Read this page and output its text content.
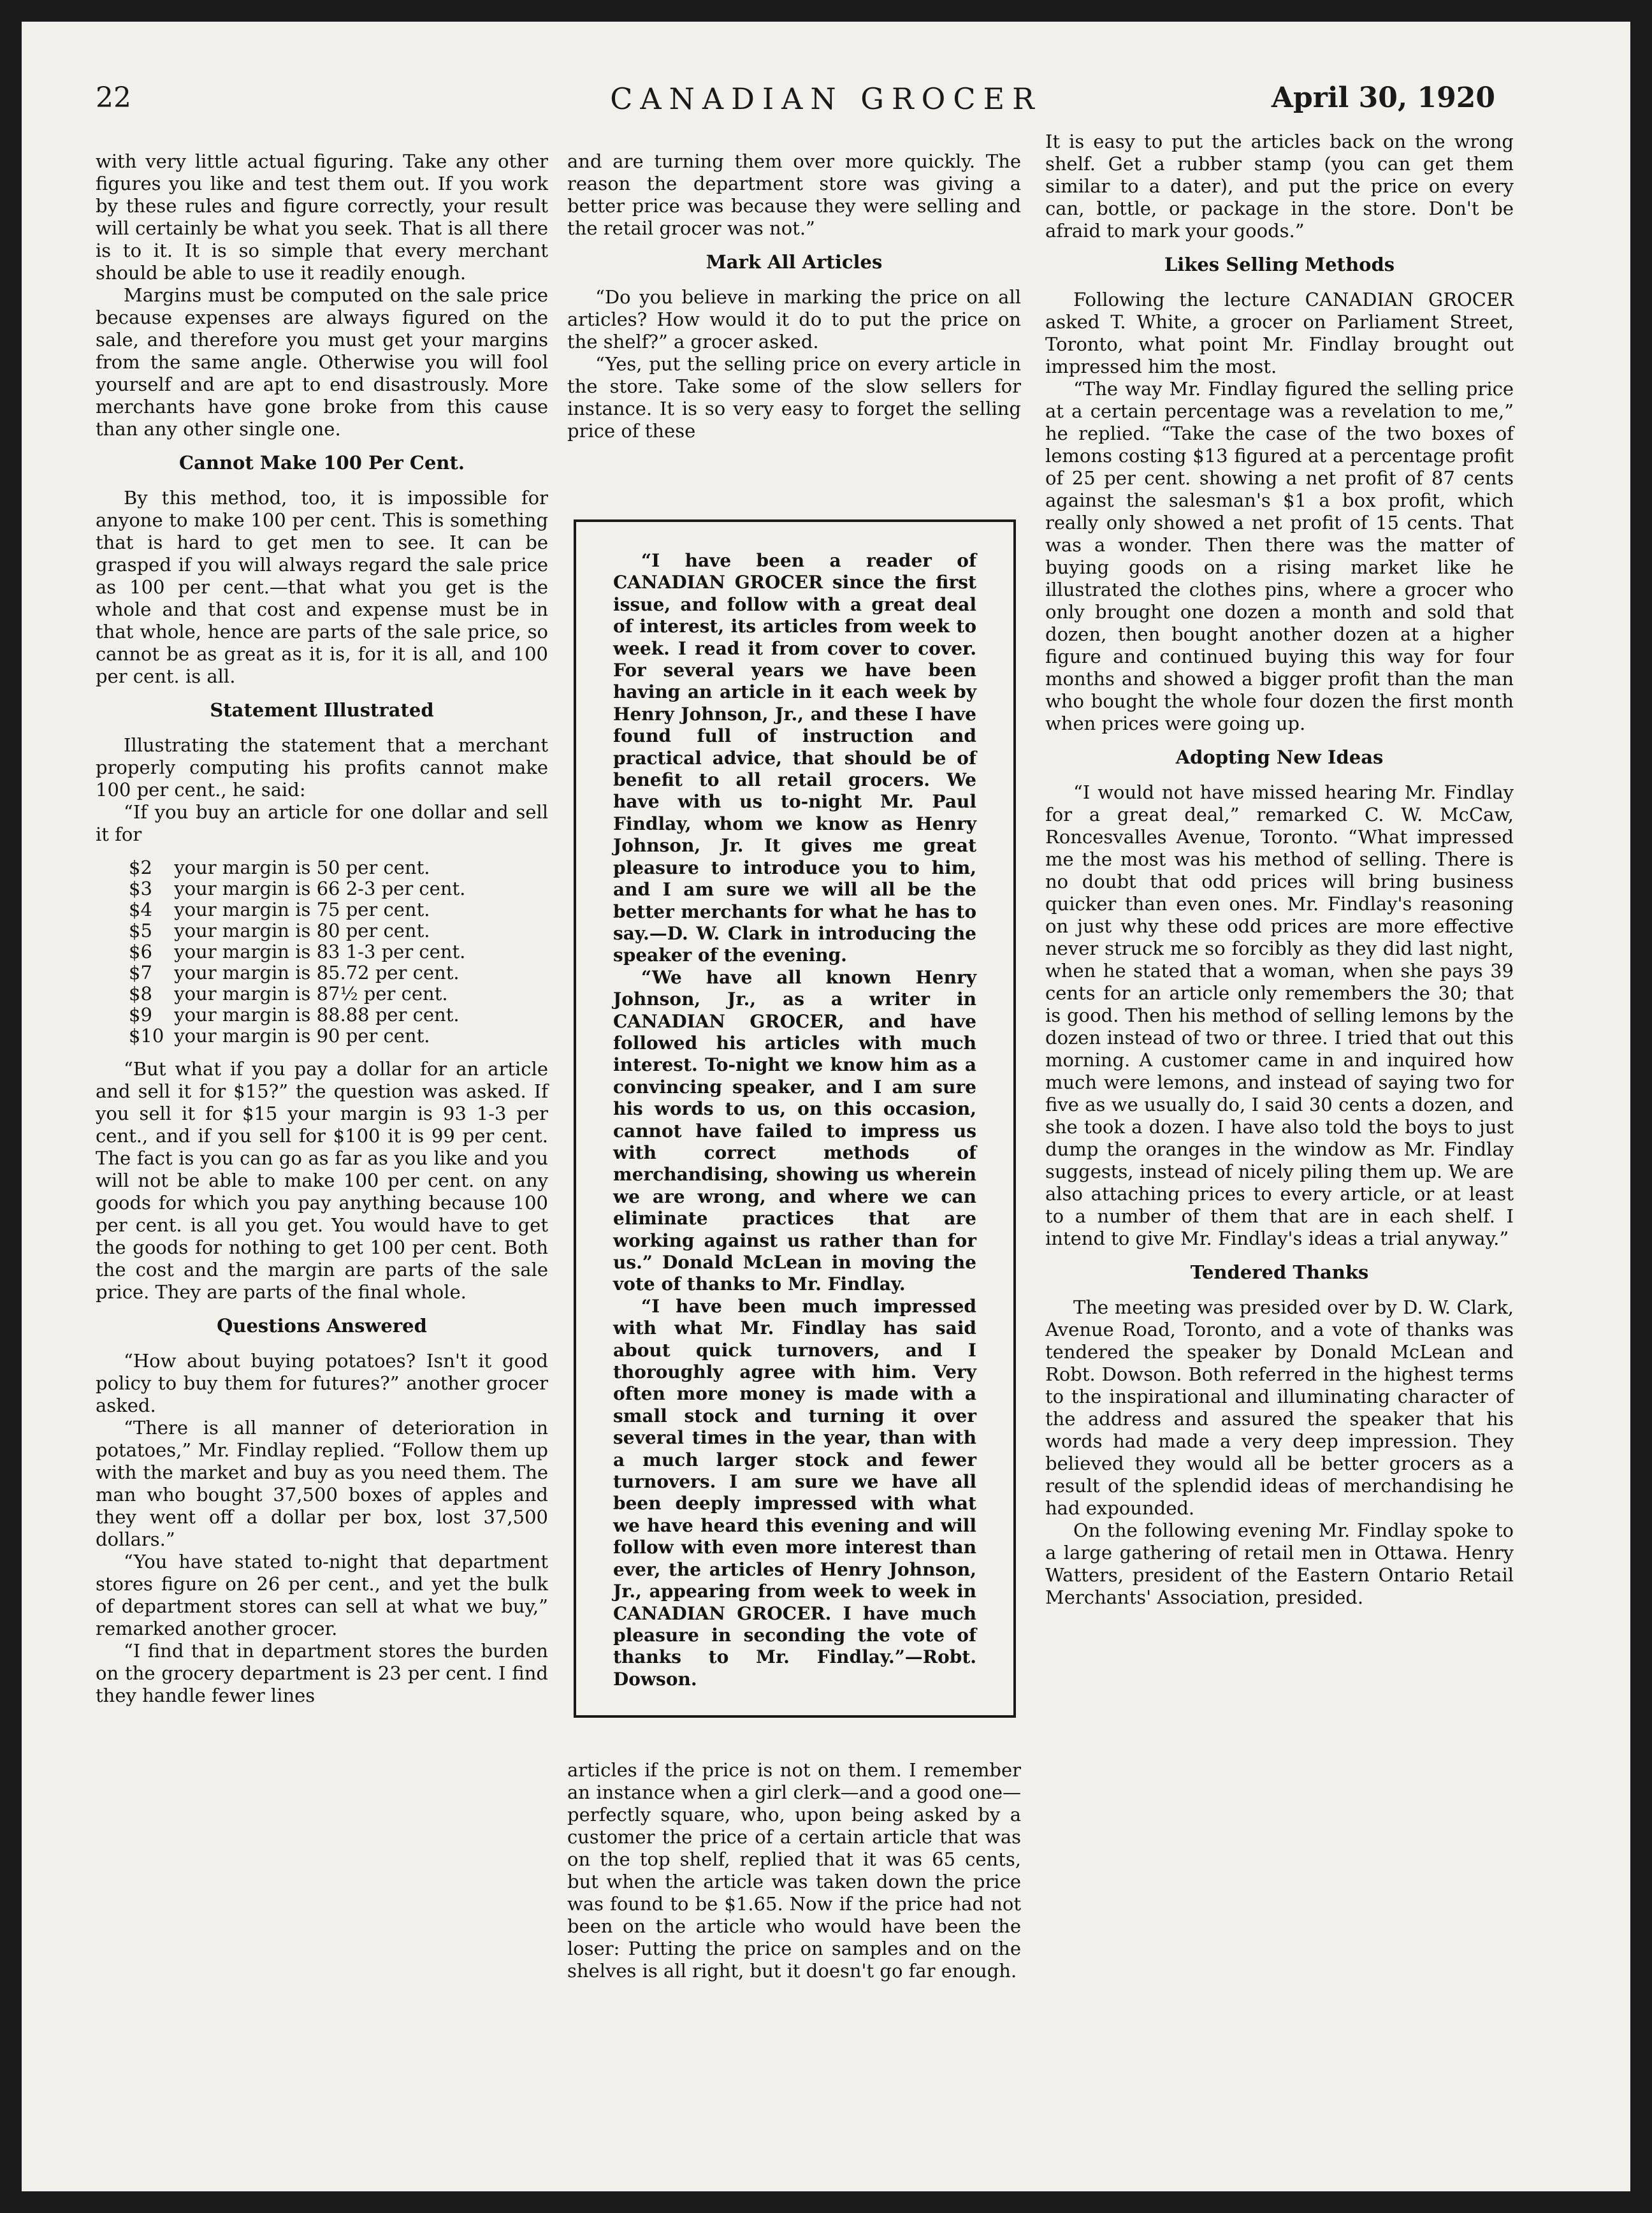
22	CANADIAN GROCER	April 30, 1920

with very little actual figuring. Take any other figures you like and test them out. If you work by these rules and figure correctly, your result will certainly be what you seek. That is all there is to it. It is so simple that every merchant should be able to use it readily enough.

Margins must be computed on the sale price because expenses are always figured on the sale, and therefore you must get your margins from the same angle. Otherwise you will fool yourself and are apt to end disastrously. More merchants have gone broke from this cause than any other single one.

Cannot Make 100 Per Cent.

By this method, too, it is impossible for anyone to make 100 per cent. This is something that is hard to get men to see. It can be grasped if you will always regard the sale price as 100 per cent.—that what you get is the whole and that cost and expense must be in that whole, hence are parts of the sale price, so cannot be as great as it is, for it is all, and 100 per cent. is all.

Statement Illustrated

Illustrating the statement that a merchant properly computing his profits cannot make 100 per cent., he said:

“If you buy an article for one dollar and sell it for

$2 your margin is 50 per cent.
$3 your margin is 66 2-3 per cent.
$4 your margin is 75 per cent.
$5 your margin is 80 per cent.
$6 your margin is 83 1-3 per cent.
$7 your margin is 85.72 per cent.
$8 your margin is 87½ per cent.
$9 your margin is 88.88 per cent.
$10 your margin is 90 per cent.

“But what if you pay a dollar for an article and sell it for $15?” the question was asked. If you sell it for $15 your margin is 93 1-3 per cent., and if you sell for $100 it is 99 per cent. The fact is you can go as far as you like and you will not be able to make 100 per cent. on any goods for which you pay anything because 100 per cent. is all you get. You would have to get the goods for nothing to get 100 per cent. Both the cost and the margin are parts of the sale price. They are parts of the final whole.

Questions Answered

“How about buying potatoes? Isn't it good policy to buy them for futures?” another grocer asked.

“There is all manner of deterioration in potatoes,” Mr. Findlay replied. “Follow them up with the market and buy as you need them. The man who bought 37,500 boxes of apples and they went off a dollar per box, lost 37,500 dollars.”

“You have stated to-night that department stores figure on 26 per cent., and yet the bulk of department stores can sell at what we buy,” remarked another grocer.

“I find that in department stores the burden on the grocery department is 23 per cent. I find they handle fewer lines

and are turning them over more quickly. The reason the department store was giving a better price was because they were selling and the retail grocer was not.”

Mark All Articles

“Do you believe in marking the price on all articles? How would it do to put the price on the shelf?” a grocer asked.

“Yes, put the selling price on every article in the store. Take some of the slow sellers for instance. It is so very easy to forget the selling price of these

“I have been a reader of CANADIAN GROCER since the first issue, and follow with a great deal of interest, its articles from week to week. I read it from cover to cover. For several years we have been having an article in it each week by Henry Johnson, Jr., and these I have found full of instruction and practical advice, that should be of benefit to all retail grocers. We have with us to-night Mr. Paul Findlay, whom we know as Henry Johnson, Jr. It gives me great pleasure to introduce you to him, and I am sure we will all be the better merchants for what he has to say.—D. W. Clark in introducing the speaker of the evening.

“We have all known Henry Johnson, Jr., as a writer in CANADIAN GROCER, and have followed his articles with much interest. To-night we know him as a convincing speaker, and I am sure his words to us, on this occasion, cannot have failed to impress us with correct methods of merchandising, showing us wherein we are wrong, and where we can eliminate practices that are working against us rather than for us.” Donald McLean in moving the vote of thanks to Mr. Findlay.

“I have been much impressed with what Mr. Findlay has said about quick turnovers, and I thoroughly agree with him. Very often more money is made with a small stock and turning it over several times in the year, than with a much larger stock and fewer turnovers. I am sure we have all been deeply impressed with what we have heard this evening and will follow with even more interest than ever, the articles of Henry Johnson, Jr., appearing from week to week in CANADIAN GROCER. I have much pleasure in seconding the vote of thanks to Mr. Findlay.”—Robt. Dowson.

articles if the price is not on them. I remember an instance when a girl clerk—and a good one—perfectly square, who, upon being asked by a customer the price of a certain article that was on the top shelf, replied that it was 65 cents, but when the article was taken down the price was found to be $1.65. Now if the price had not been on the article who would have been the loser: Putting the price on samples and on the shelves is all right, but it doesn't go far enough.

It is easy to put the articles back on the wrong shelf. Get a rubber stamp (you can get them similar to a dater), and put the price on every can, bottle, or package in the store. Don't be afraid to mark your goods.”

Likes Selling Methods

Following the lecture CANADIAN GROCER asked T. White, a grocer on Parliament Street, Toronto, what point Mr. Findlay brought out impressed him the most.

“The way Mr. Findlay figured the selling price at a certain percentage was a revelation to me,” he replied. “Take the case of the two boxes of lemons costing $13 figured at a percentage profit of 25 per cent. showing a net profit of 87 cents against the salesman's $1 a box profit, which really only showed a net profit of 15 cents. That was a wonder. Then there was the matter of buying goods on a rising market like he illustrated the clothes pins, where a grocer who only brought one dozen a month and sold that dozen, then bought another dozen at a higher figure and continued buying this way for four months and showed a bigger profit than the man who bought the whole four dozen the first month when prices were going up.

Adopting New Ideas

“I would not have missed hearing Mr. Findlay for a great deal,” remarked C. W. McCaw, Roncesvalles Avenue, Toronto. “What impressed me the most was his method of selling. There is no doubt that odd prices will bring business quicker than even ones. Mr. Findlay's reasoning on just why these odd prices are more effective never struck me so forcibly as they did last night, when he stated that a woman, when she pays 39 cents for an article only remembers the 30; that is good. Then his method of selling lemons by the dozen instead of two or three. I tried that out this morning. A customer came in and inquired how much were lemons, and instead of saying two for five as we usually do, I said 30 cents a dozen, and she took a dozen. I have also told the boys to just dump the oranges in the window as Mr. Findlay suggests, instead of nicely piling them up. We are also attaching prices to every article, or at least to a number of them that are in each shelf. I intend to give Mr. Findlay's ideas a trial anyway.”

Tendered Thanks

The meeting was presided over by D. W. Clark, Avenue Road, Toronto, and a vote of thanks was tendered the speaker by Donald McLean and Robt. Dowson. Both referred in the highest terms to the inspirational and illuminating character of the address and assured the speaker that his words had made a very deep impression. They believed they would all be better grocers as a result of the splendid ideas of merchandising he had expounded.

On the following evening Mr. Findlay spoke to a large gathering of retail men in Ottawa. Henry Watters, president of the Eastern Ontario Retail Merchants' Association, presided.
